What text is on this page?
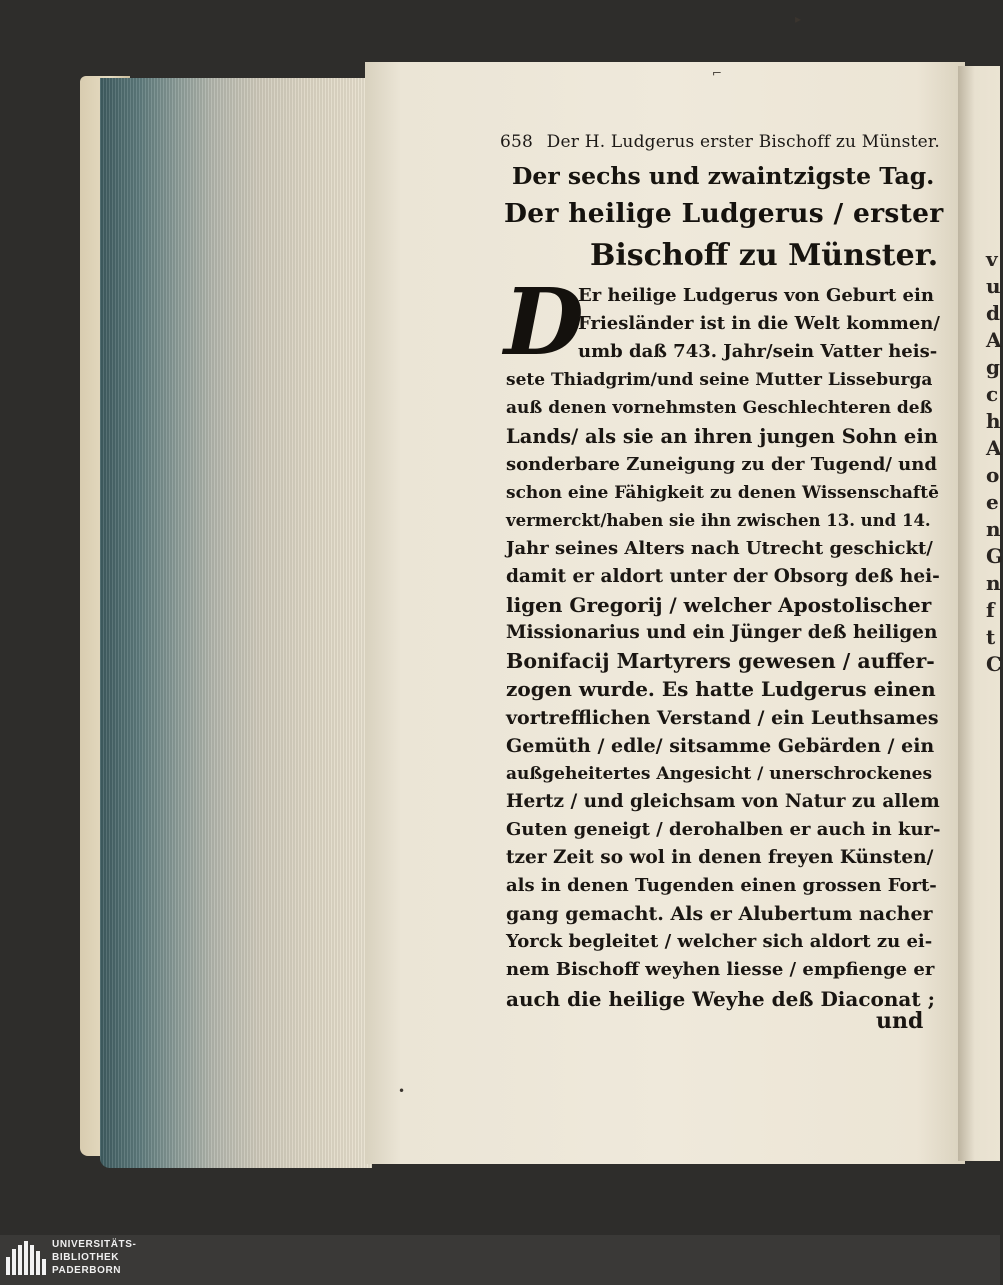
v
u
d
A
g
c
h
A
o
e
n
G
n
f
t
C
658 Der H. Ludgerus erster Bischoff zu Münster.
Der sechs und zwaintzigste Tag.
Der heilige Ludgerus / erster
Bischoff zu Münster.
D
Er heilige Ludgerus von Geburt ein
Friesländer ist in die Welt kommen/
umb daß 743. Jahr/sein Vatter heis-
sete Thiadgrim/und seine Mutter Lisseburga
auß denen vornehmsten Geschlechteren deß
Lands/ als sie an ihren jungen Sohn ein
sonderbare Zuneigung zu der Tugend/ und
schon eine Fähigkeit zu denen Wissenschaftē
vermerckt/haben sie ihn zwischen 13. und 14.
Jahr seines Alters nach Utrecht geschickt/
damit er aldort unter der Obsorg deß hei-
ligen Gregorij / welcher Apostolischer
Missionarius und ein Jünger deß heiligen
Bonifacij Martyrers gewesen / auffer-
zogen wurde. Es hatte Ludgerus einen
vortrefflichen Verstand / ein Leuthsames
Gemüth / edle/ sitsamme Gebärden / ein
außgeheitertes Angesicht / unerschrockenes
Hertz / und gleichsam von Natur zu allem
Guten geneigt / derohalben er auch in kur-
tzer Zeit so wol in denen freyen Künsten/
als in denen Tugenden einen grossen Fort-
gang gemacht. Als er Alubertum nacher
Yorck begleitet / welcher sich aldort zu ei-
nem Bischoff weyhen liesse / empfienge er
auch die heilige Weyhe deß Diaconat ;
und
▸
⌐
•
UNIVERSITÄTS-
BIBLIOTHEK
PADERBORN
